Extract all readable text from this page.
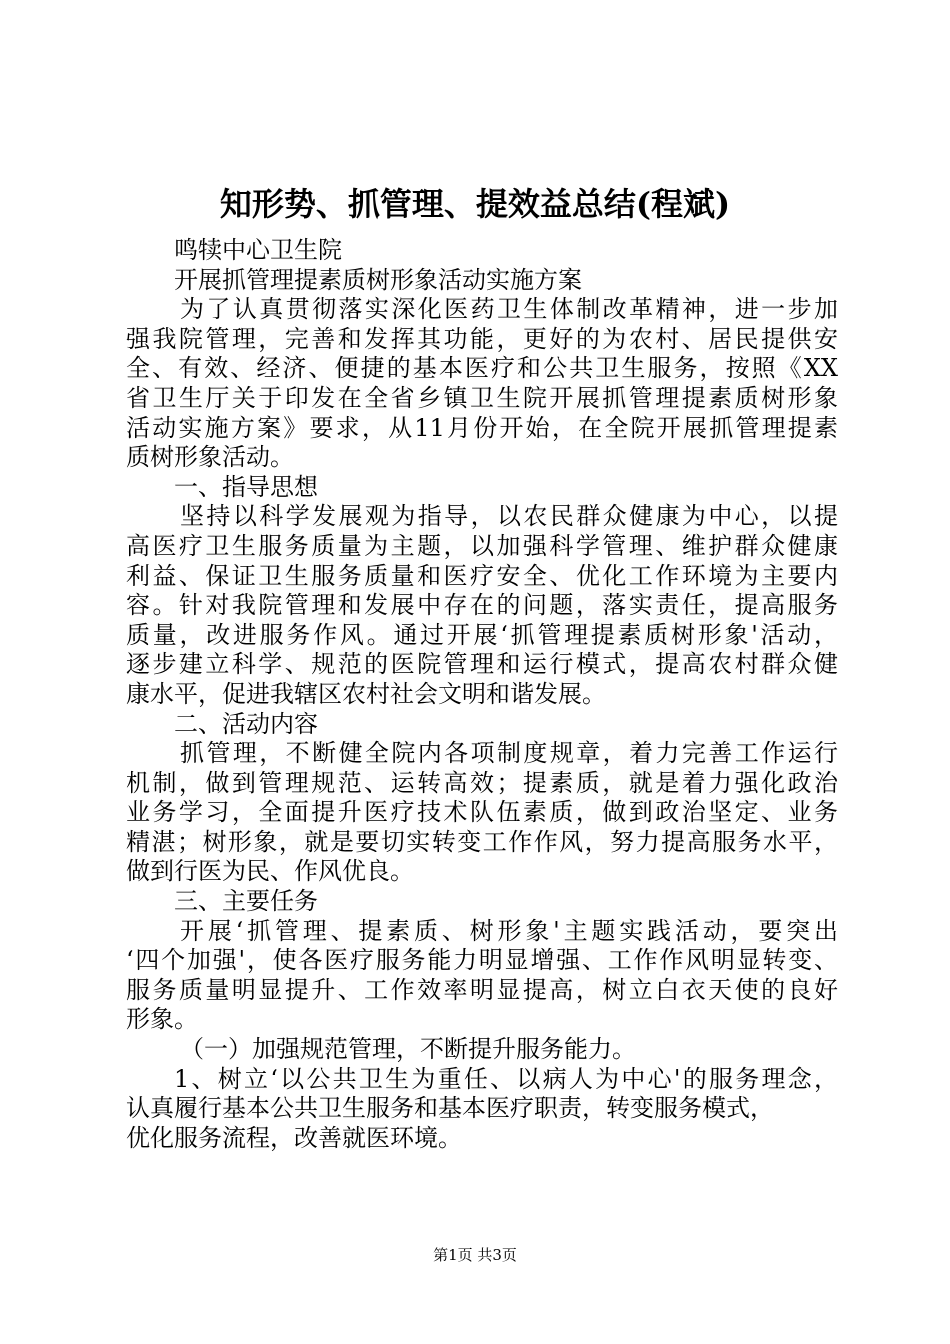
知形势、抓管理、提效益总结(程斌)
鸣犊中心卫生院
开展抓管理提素质树形象活动实施方案
为了认真贯彻落实深化医药卫生体制改革精神，进一步加
强我院管理，完善和发挥其功能，更好的为农村、居民提供安
全、有效、经济、便捷的基本医疗和公共卫生服务，按照《XX
省卫生厅关于印发在全省乡镇卫生院开展抓管理提素质树形象
活动实施方案》要求，从11月份开始，在全院开展抓管理提素
质树形象活动。
一、指导思想
坚持以科学发展观为指导，以农民群众健康为中心，以提
高医疗卫生服务质量为主题，以加强科学管理、维护群众健康
利益、保证卫生服务质量和医疗安全、优化工作环境为主要内
容。针对我院管理和发展中存在的问题，落实责任，提高服务
质量，改进服务作风。通过开展‘抓管理提素质树形象'活动，
逐步建立科学、规范的医院管理和运行模式，提高农村群众健
康水平，促进我辖区农村社会文明和谐发展。
二、活动内容
抓管理，不断健全院内各项制度规章，着力完善工作运行
机制，做到管理规范、运转高效；提素质，就是着力强化政治
业务学习，全面提升医疗技术队伍素质，做到政治坚定、业务
精湛；树形象，就是要切实转变工作作风，努力提高服务水平，
做到行医为民、作风优良。
三、主要任务
开展‘抓管理、提素质、树形象'主题实践活动，要突出
‘四个加强'，使各医疗服务能力明显增强、工作作风明显转变、
服务质量明显提升、工作效率明显提高，树立白衣天使的良好
形象。
（一）加强规范管理，不断提升服务能力。
1、树立‘以公共卫生为重任、以病人为中心'的服务理念，
认真履行基本公共卫生服务和基本医疗职责，转变服务模式，
优化服务流程，改善就医环境。
第1页 共3页
